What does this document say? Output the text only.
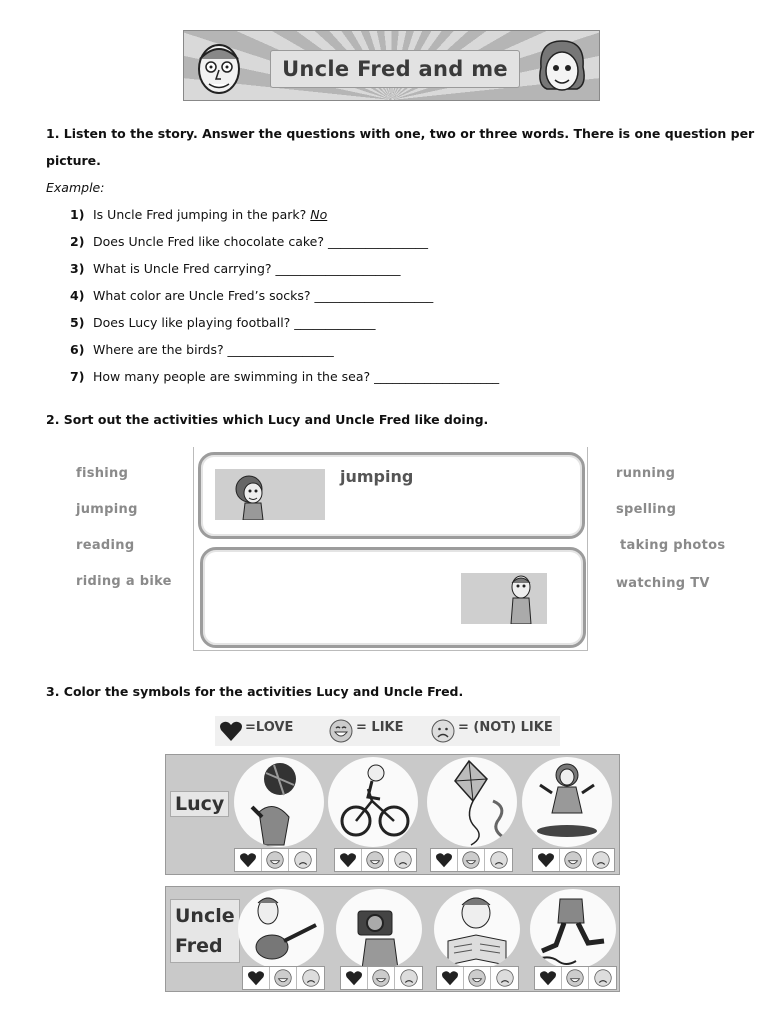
Uncle Fred and me
1. Listen to the story. Answer the questions with one, two or three words. There is one question per
picture.
Example:
1) Is Uncle Fred jumping in the park? No
2) Does Uncle Fred like chocolate cake? ________________
3) What is Uncle Fred carrying? ____________________
4) What color are Uncle Fred’s socks? ___________________
5) Does Lucy like playing football? _____________
6) Where are the birds? _________________
7) How many people are swimming in the sea? ____________________
2. Sort out the activities which Lucy and Uncle Fred like doing.
fishing
jumping
reading
riding a bike
running
spelling
taking photos
watching TV
jumping
3. Color the symbols for the activities Lucy and Uncle Fred.
=LOVE	= LIKE	= (NOT) LIKE
Lucy
Uncle
Fred
